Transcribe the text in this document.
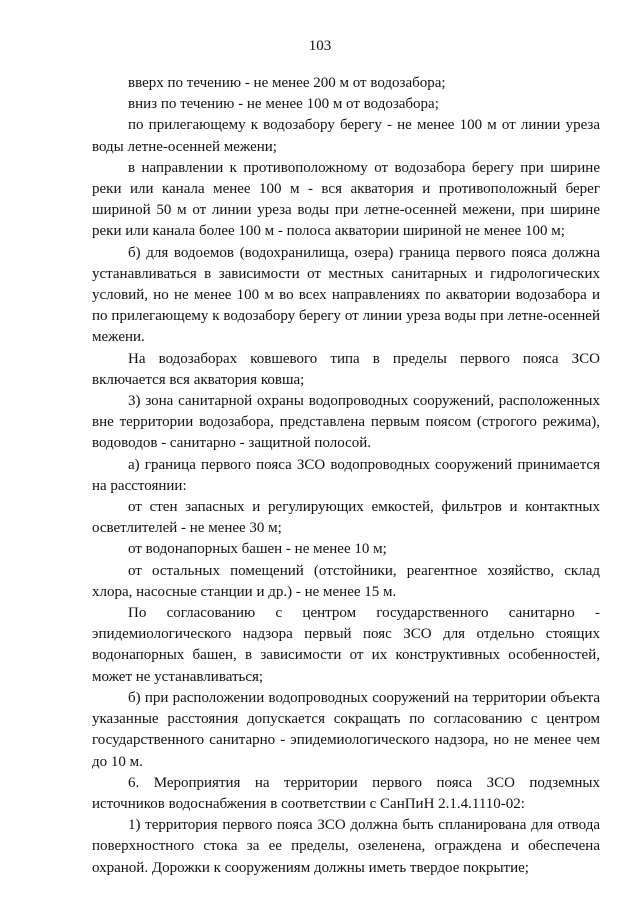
103

вверх по течению - не менее 200 м от водозабора;

вниз по течению - не менее 100 м от водозабора;

по прилегающему к водозабору берегу - не менее 100 м от линии уреза воды летне-осенней межени;

в направлении к противоположному от водозабора берегу при ширине реки или канала менее 100 м - вся акватория и противоположный берег шириной 50 м от линии уреза воды при летне-осенней межени, при ширине реки или канала более 100 м - полоса акватории шириной не менее 100 м;

б) для водоемов (водохранилища, озера) граница первого пояса должна устанавливаться в зависимости от местных санитарных и гидрологических условий, но не менее 100 м во всех направлениях по акватории водозабора и по прилегающему к водозабору берегу от линии уреза воды при летне-осенней межени.

На водозаборах ковшевого типа в пределы первого пояса ЗСО включается вся акватория ковша;

3) зона санитарной охраны водопроводных сооружений, расположенных вне территории водозабора, представлена первым поясом (строгого режима), водоводов - санитарно - защитной полосой.

а) граница первого пояса ЗСО водопроводных сооружений принимается на расстоянии:

от стен запасных и регулирующих емкостей, фильтров и контактных осветлителей - не менее 30 м;

от водонапорных башен - не менее 10 м;

от остальных помещений (отстойники, реагентное хозяйство, склад хлора, насосные станции и др.) - не менее 15 м.

По согласованию с центром государственного санитарно - эпидемиологического надзора первый пояс ЗСО для отдельно стоящих водонапорных башен, в зависимости от их конструктивных особенностей, может не устанавливаться;

б) при расположении водопроводных сооружений на территории объекта указанные расстояния допускается сокращать по согласованию с центром государственного санитарно - эпидемиологического надзора, но не менее чем до 10 м.

6. Мероприятия на территории первого пояса ЗСО подземных источников водоснабжения в соответствии с СанПиН 2.1.4.1110-02:

1) территория первого пояса ЗСО должна быть спланирована для отвода поверхностного стока за ее пределы, озеленена, ограждена и обеспечена охраной. Дорожки к сооружениям должны иметь твердое покрытие;
